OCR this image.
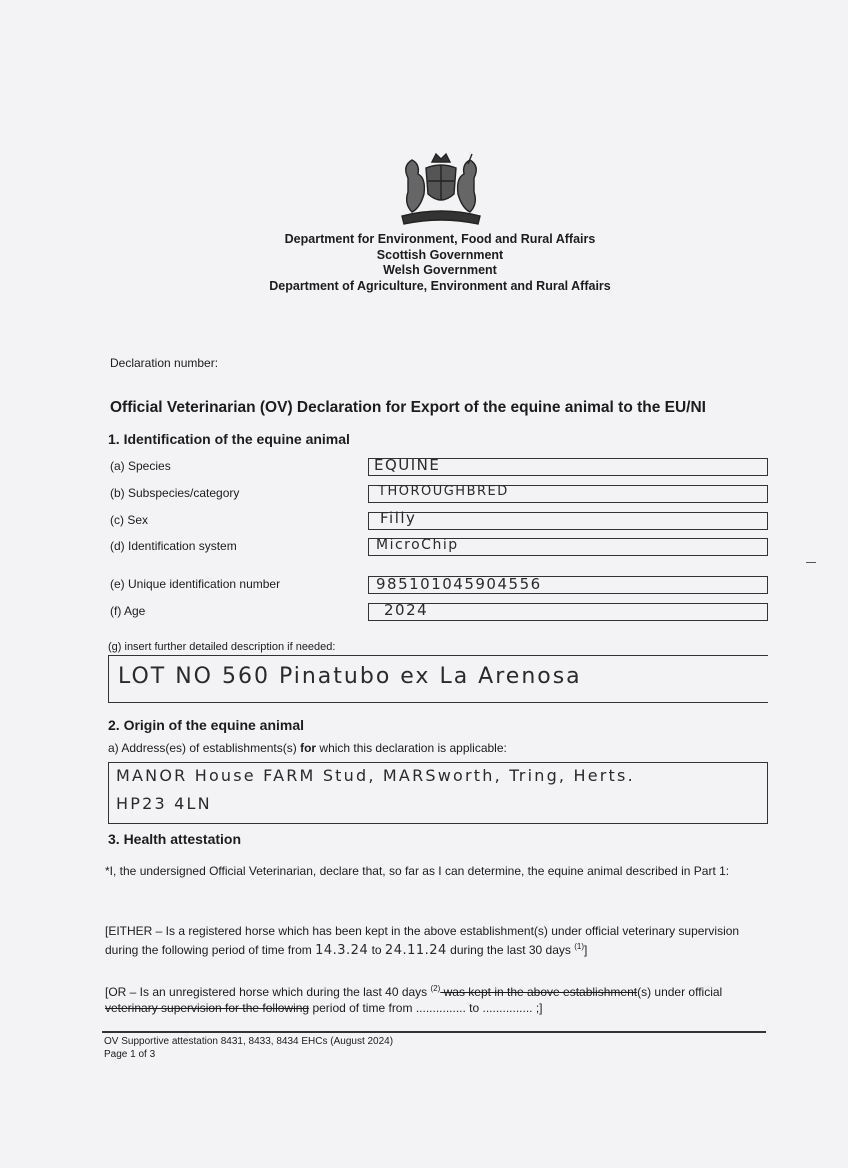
Department for Environment, Food and Rural Affairs
Scottish Government
Welsh Government
Department of Agriculture, Environment and Rural Affairs
Declaration number:
Official Veterinarian (OV) Declaration for Export of the equine animal to the EU/NI
1. Identification of the equine animal
(a) Species	EQUINE
(b) Subspecies/category	THOROUGHBRED
(c) Sex	Filly
(d) Identification system	MicroChip
(e) Unique identification number	985101045904556
(f) Age	2024
(g) insert further detailed description if needed:
LOT NO 560 Pinatubo ex La Arenosa
2. Origin of the equine animal
a) Address(es) of establishments(s) for which this declaration is applicable:
MANOR House FARM Stud, MARSworth, Tring, Herts.
HP23 4LN
3. Health attestation
*I, the undersigned Official Veterinarian, declare that, so far as I can determine, the equine animal described in Part 1:
[EITHER – Is a registered horse which has been kept in the above establishment(s) under official veterinary supervision during the following period of time from 14.3.24 to 24.11.24 during the last 30 days $^{(1)}$]
[OR – Is an unregistered horse which during the last 40 days $^{(2)}$ was kept in the above establishment(s) under official veterinary supervision for the following period of time from ............... to ............... ;]
OV Supportive attestation 8431, 8433, 8434 EHCs (August 2024)
Page 1 of 3
